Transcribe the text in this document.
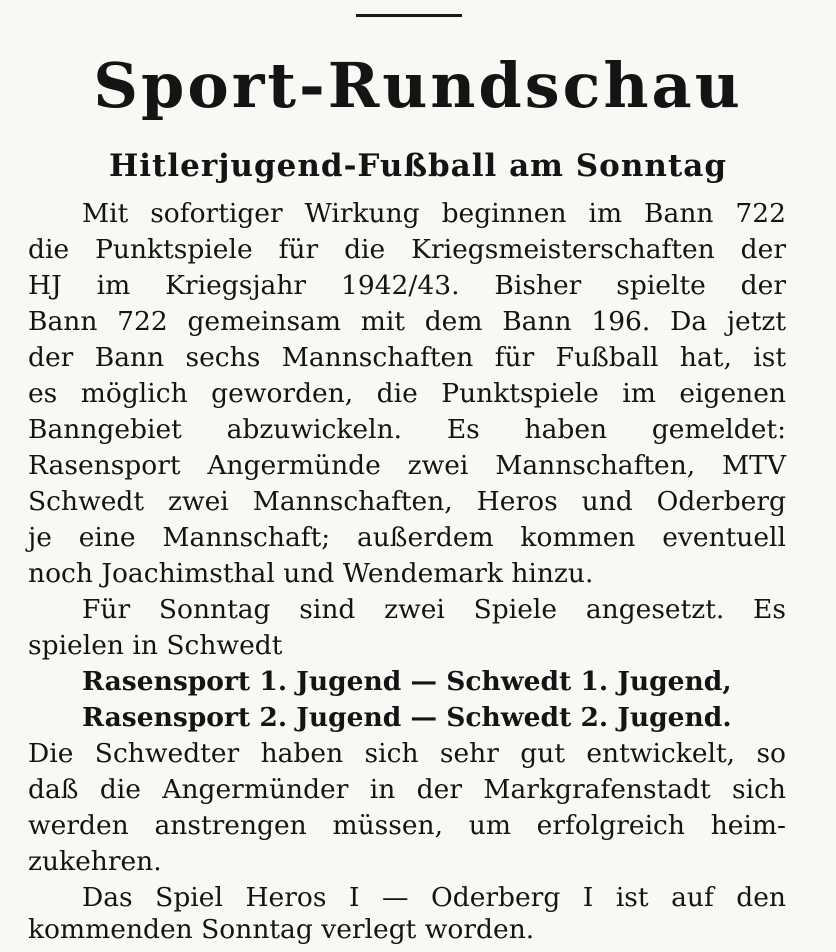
Sport-Rundschau
Hitlerjugend-Fußball am Sonntag
Mit sofortiger Wirkung beginnen im Bann 722
die Punktspiele für die Kriegsmeisterschaften der
HJ im Kriegsjahr 1942/43. Bisher spielte der
Bann 722 gemeinsam mit dem Bann 196. Da jetzt
der Bann sechs Mannschaften für Fußball hat, ist
es möglich geworden, die Punktspiele im eigenen
Banngebiet abzuwickeln. Es haben gemeldet:
Rasensport Angermünde zwei Mannschaften, MTV
Schwedt zwei Mannschaften, Heros und Oderberg
je eine Mannschaft; außerdem kommen eventuell
noch Joachimsthal und Wendemark hinzu.
Für Sonntag sind zwei Spiele angesetzt. Es
spielen in Schwedt
Rasensport 1. Jugend — Schwedt 1. Jugend,
Rasensport 2. Jugend — Schwedt 2. Jugend.
Die Schwedter haben sich sehr gut entwickelt, so
daß die Angermünder in der Markgrafenstadt sich
werden anstrengen müssen, um erfolgreich heim-
zukehren.
Das Spiel Heros I — Oderberg I ist auf den
kommenden Sonntag verlegt worden.
